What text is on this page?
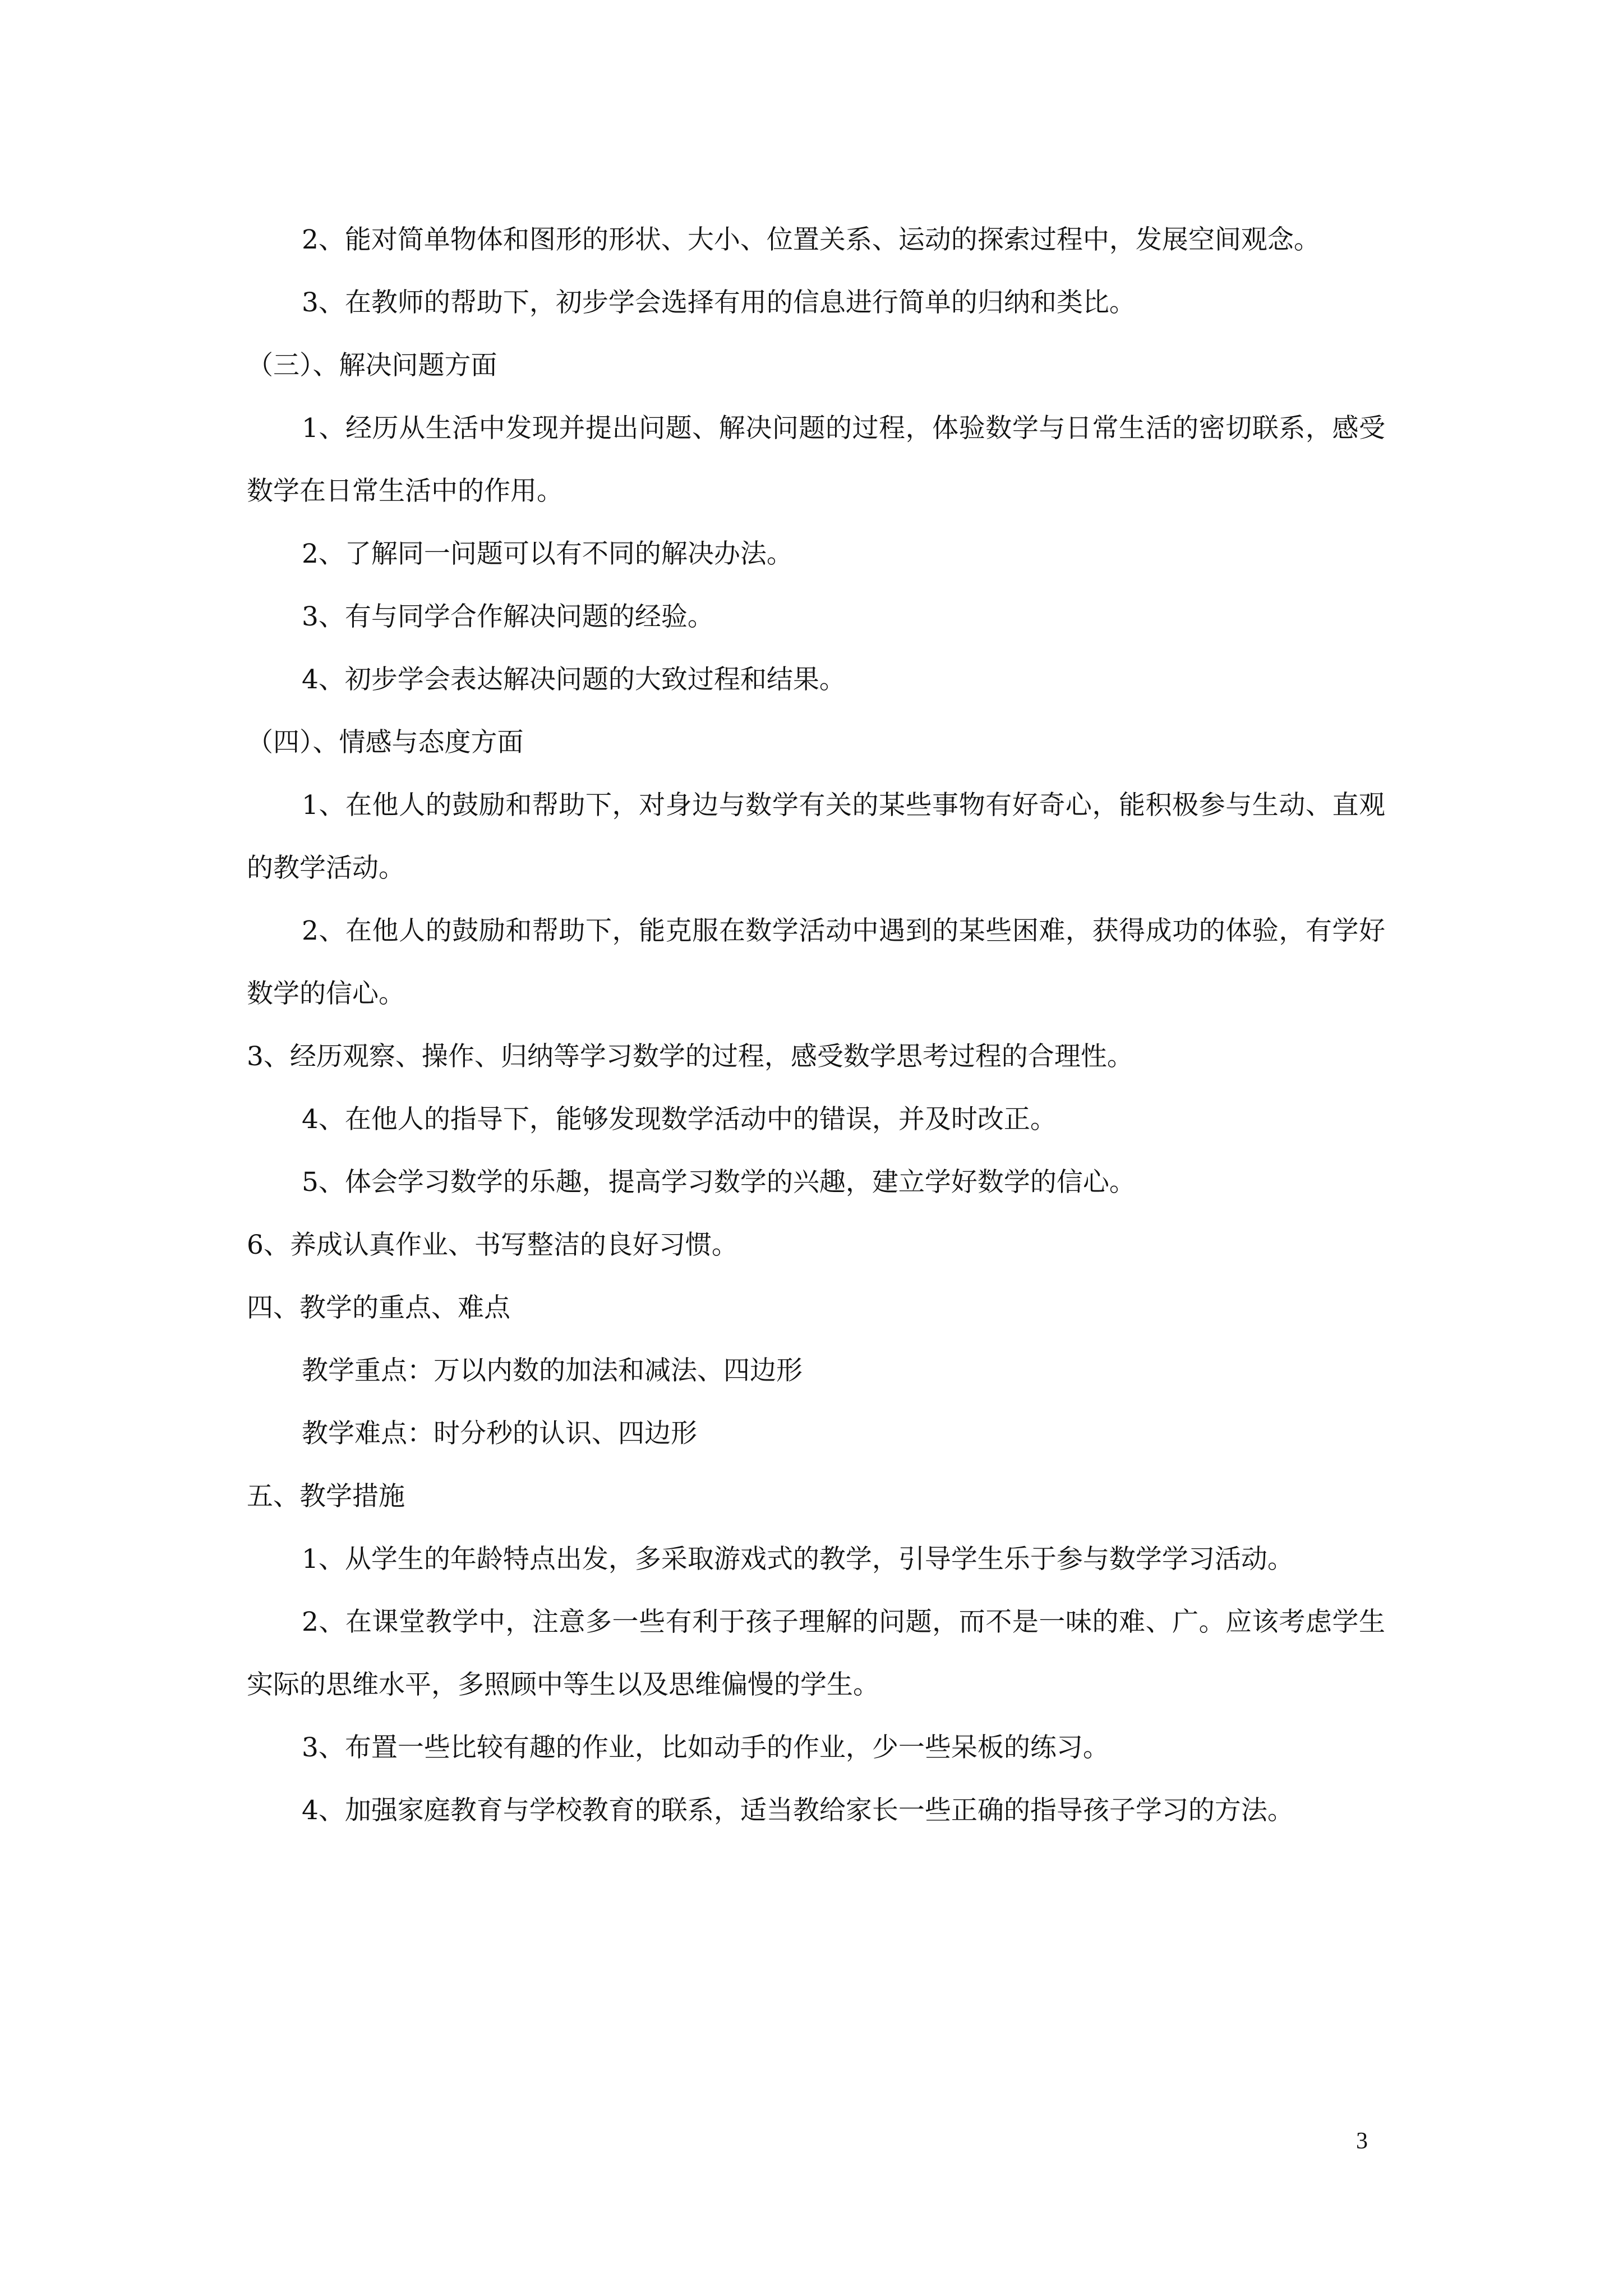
2、能对简单物体和图形的形状、大小、位置关系、运动的探索过程中，发展空间观念。

3、在教师的帮助下，初步学会选择有用的信息进行简单的归纳和类比。

（三）、解决问题方面

1、经历从生活中发现并提出问题、解决问题的过程，体验数学与日常生活的密切联系，感受数学在日常生活中的作用。

2、了解同一问题可以有不同的解决办法。

3、有与同学合作解决问题的经验。

4、初步学会表达解决问题的大致过程和结果。

（四）、情感与态度方面

1、在他人的鼓励和帮助下，对身边与数学有关的某些事物有好奇心，能积极参与生动、直观的教学活动。

2、在他人的鼓励和帮助下，能克服在数学活动中遇到的某些困难，获得成功的体验，有学好数学的信心。

3、经历观察、操作、归纳等学习数学的过程，感受数学思考过程的合理性。

4、在他人的指导下，能够发现数学活动中的错误，并及时改正。

5、体会学习数学的乐趣，提高学习数学的兴趣，建立学好数学的信心。

6、养成认真作业、书写整洁的良好习惯。

四、教学的重点、难点

教学重点：万以内数的加法和减法、四边形

教学难点：时分秒的认识、四边形

五、教学措施

1、从学生的年龄特点出发，多采取游戏式的教学，引导学生乐于参与数学学习活动。

2、在课堂教学中，注意多一些有利于孩子理解的问题，而不是一味的难、广。应该考虑学生实际的思维水平，多照顾中等生以及思维偏慢的学生。

3、布置一些比较有趣的作业，比如动手的作业，少一些呆板的练习。

4、加强家庭教育与学校教育的联系，适当教给家长一些正确的指导孩子学习的方法。

3
